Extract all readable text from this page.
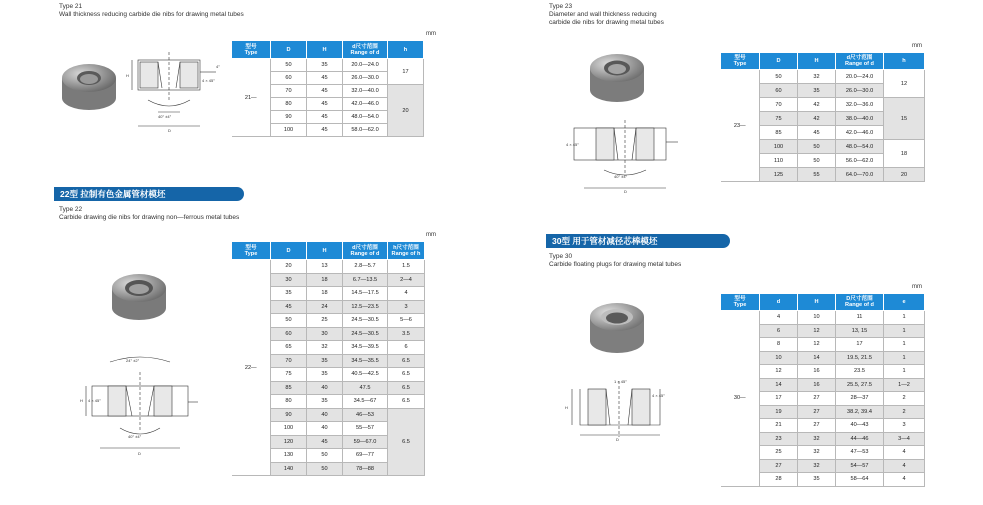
Type 21
Wall thickness reducing carbide die nibs for drawing metal tubes
4°
4 × 45°
40° ±4°
D
H
mm
型号
Type	D	H	d尺寸范围
Range of d	h
21—	50	35	20.0—24.0	17
	60	45	26.0—30.0	
	70	45	32.0—40.0	20
	80	45	42.0—46.0	
	90	45	48.0—54.0	
	100	45	58.0—62.0	
22型 拉制有色金属管材模坯
Type 22
Carbide drawing die nibs for drawing non—ferrous metal tubes
24° ±2°
4 × 45°
40° ±4°
D
H
mm
型号
Type	D	H	d尺寸范围
Range of d	h尺寸范围
Range of h

22—	20	13	2.8—5.7	1.5
	30	18	6.7—13.5	2—4
	35	18	14.5—17.5	4
	45	24	12.5—23.5	3
	50	25	24.5—30.5	5—6
	60	30	24.5—30.5	3.5
	65	32	34.5—39.5	6
	70	35	34.5—35.5	6.5
	75	35	40.5—42.5	6.5
	85	40	47.5	6.5
	80	35	34.5—67	6.5
	90	40	46—53	6.5
	100	40	55—57	
	120	45	59—67.0	
	130	50	69—77	
	140	50	78—88	
Type 23
Diameter and wall thickness reducing
carbide die nibs for drawing metal tubes
4 × 45°
40° ±4°
D
mm
型号
Type	D	H	d尺寸范围
Range of d	h
23—	50	32	20.0—24.0	12
	60	35	26.0—30.0	
	70	42	32.0—36.0	15
	75	42	38.0—40.0	
	85	45	42.0—46.0	
	100	50	48.0—54.0	18
	110	50	56.0—62.0	
	125	55	64.0—70.0	20
30型 用于管材减径芯棒模坯
Type 30
Carbide floating plugs for drawing metal tubes
1 × 45°
4 × 45°
H
D
mm
型号
Type	d	H	D尺寸范围
Range of d	e
30—	4	10	11	1
	6	12	13, 15	1
	8	12	17	1
	10	14	19.5, 21.5	1
	12	16	23.5	1
	14	16	25.5, 27.5	1—2
	17	27	28—37	2
	19	27	38.2, 39.4	2
	21	27	40—43	3
	23	32	44—46	3—4
	25	32	47—53	4
	27	32	54—57	4
	28	35	58—64	4
